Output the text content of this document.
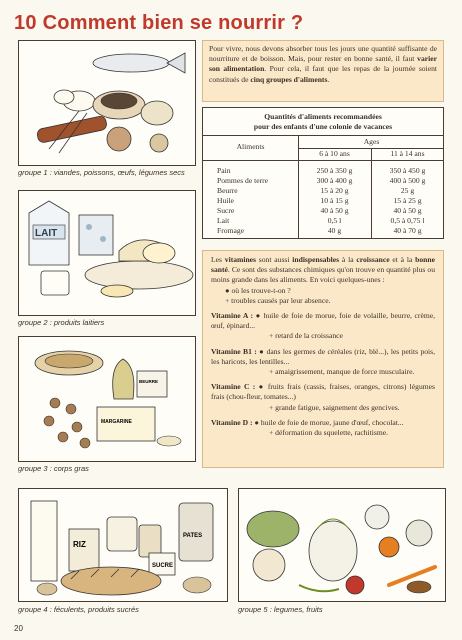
10 Comment bien se nourrir ?
groupe 1 : viandes, poissons, œufs, légumes secs
Pour vivre, nous devons absorber tous les jours une quantité suffisante de nourriture et de boisson. Mais, pour rester en bonne santé, il faut varier son alimentation. Pour cela, il faut que les repas de la journée soient constitués de cinq groupes d'aliments.
Quantités d'aliments recommandées
pour des enfants d'une colonie de vacances
Aliments
Ages
6 à 10 ans	11 à 14 ans
Pain	250 à 350 g	350 à 450 g
Pommes de terre	300 à 400 g	400 à 500 g
Beurre	15 à 20 g	25 g
Huile	10 à 15 g	15 à 25 g
Sucre	40 à 50 g	40 à 50 g
Lait	0,5 l	0,5 à 0,75 l
Fromage	40 g	40 à 70 g
LAIT
groupe 2 : produits laitiers

Les vitamines sont aussi indispensables à la croissance et à la bonne santé. Ce sont des substances chimiques qu'on trouve en quantité plus ou moins grande dans les aliments. En voici quelques-unes :

● où les trouve-t-on ?

+ troubles causés par leur absence.

Vitamine A : ● huile de foie de morue, foie de volaille, beurre, crème, œuf, épinard...

+ retard de la croissance

Vitamine B1 : ● dans les germes de céréales (riz, blé...), les petits pois, les haricots, les lentilles...

+ amaigrissement, manque de force musculaire.

Vitamine C : ● fruits frais (cassis, fraises, oranges, citrons) légumes frais (chou-fleur, tomates...)

+ grande fatigue, saignement des gencives.

Vitamine D : ● huile de foie de morue, jaune d'œuf, chocolat...

+ déformation du squelette, rachitisme.

BEURRE
MARGARINE
groupe 3 : corps gras
RIZ
SUCRE
PATES
groupe 4 : féculents, produits sucrés	groupe 5 : legumes, fruits
20
